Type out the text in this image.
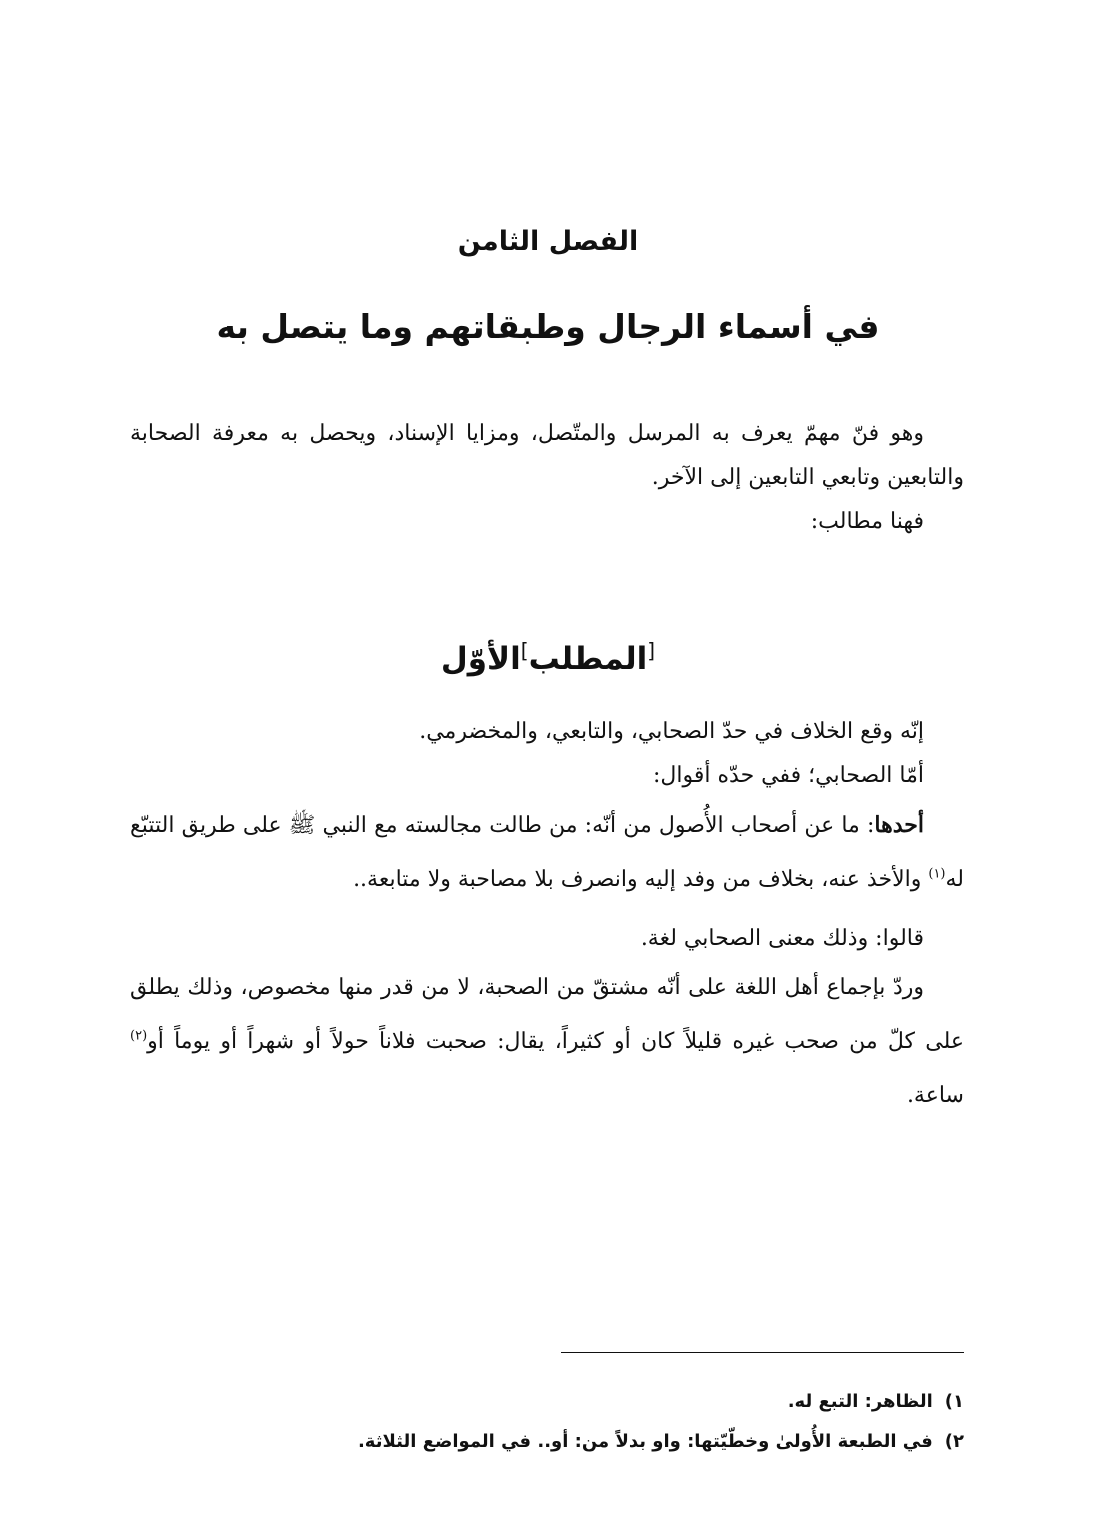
الفصل الثامن
في أسماء الرجال وطبقاتهم وما يتصل به

وهو فنّ مهمّ يعرف به المرسل والمتّصل، ومزايا الإسناد، ويحصل به معرفة الصحابة والتابعين وتابعي التابعين إلى الآخر.

فهنا مطالب:

[المطلب]الأوّل

إنّه وقع الخلاف في حدّ الصحابي، والتابعي، والمخضرمي.

أمّا الصحابي؛ ففي حدّه أقوال:

أحدها: ما عن أصحاب الأُصول من أنّه: من طالت مجالسته مع النبي ﷺ على طريق التتبّع له$^{(١)}$ والأخذ عنه، بخلاف من وفد إليه وانصرف بلا مصاحبة ولا متابعة..

قالوا: وذلك معنى الصحابي لغة.

وردّ بإجماع أهل اللغة على أنّه مشتقّ من الصحبة، لا من قدر منها مخصوص، وذلك يطلق على كلّ من صحب غيره قليلاً كان أو كثيراً، يقال: صحبت فلاناً حولاً أو شهراً أو يوماً أو$^{(٢)}$ ساعة.

١)الظاهر: التبع له.

٢)في الطبعة الأُولىٰ وخطّيّتها: واو بدلاً من: أو.. في المواضع الثلاثة.
